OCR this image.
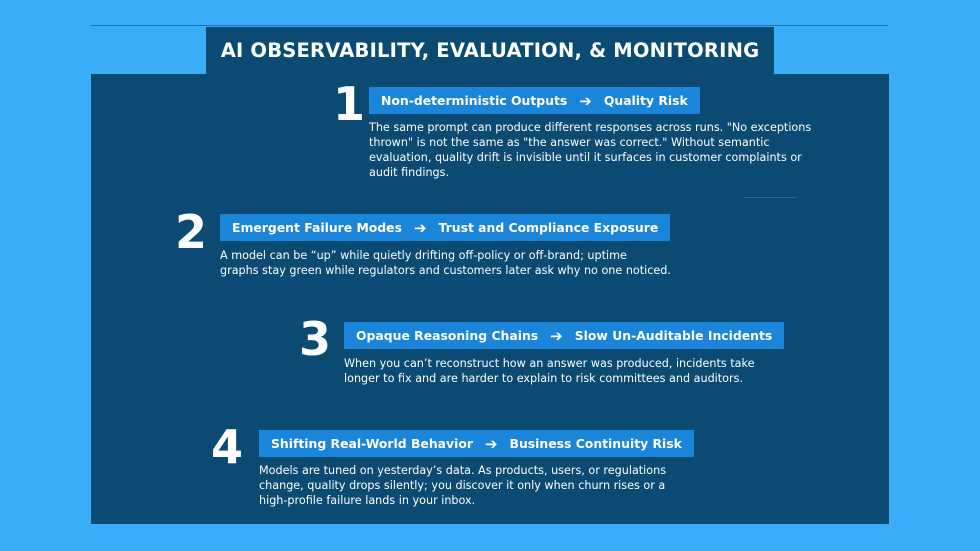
AI OBSERVABILITY, EVALUATION, & MONITORING
1 Non-deterministic Outputs ➔ Quality Risk
The same prompt can produce different responses across runs. "No exceptions
thrown" is not the same as "the answer was correct." Without semantic
evaluation, quality drift is invisible until it surfaces in customer complaints or
audit findings.
2 Emergent Failure Modes ➔ Trust and Compliance Exposure
A model can be “up” while quietly drifting off-policy or off-brand; uptime
graphs stay green while regulators and customers later ask why no one noticed.
3 Opaque Reasoning Chains ➔ Slow Un-Auditable Incidents
When you can’t reconstruct how an answer was produced, incidents take
longer to fix and are harder to explain to risk committees and auditors.
4 Shifting Real-World Behavior ➔ Business Continuity Risk
Models are tuned on yesterday’s data. As products, users, or regulations
change, quality drops silently; you discover it only when churn rises or a
high-profile failure lands in your inbox.
